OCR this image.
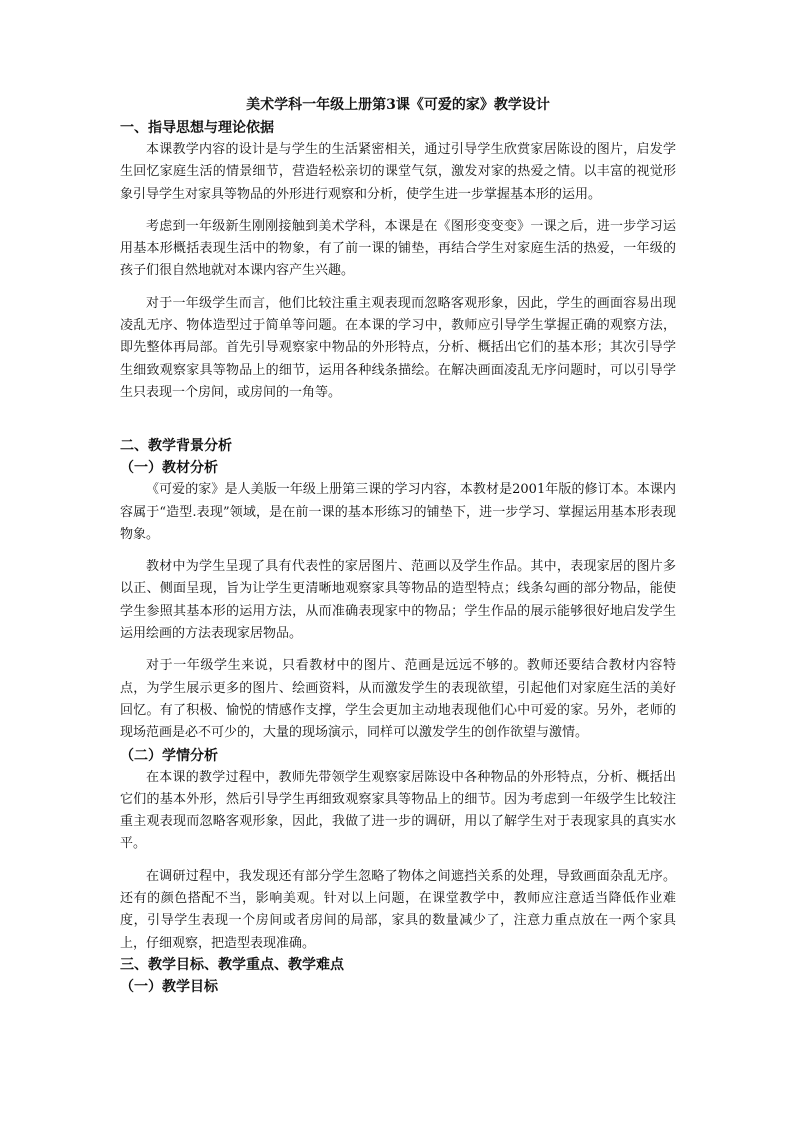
美术学科一年级上册第3课《可爱的家》教学设计
一、指导思想与理论依据

本课教学内容的设计是与学生的生活紧密相关，通过引导学生欣赏家居陈设的图片，启发学生回忆家庭生活的情景细节，营造轻松亲切的课堂气氛，激发对家的热爱之情。以丰富的视觉形象引导学生对家具等物品的外形进行观察和分析，使学生进一步掌握基本形的运用。

考虑到一年级新生刚刚接触到美术学科，本课是在《图形变变变》一课之后，进一步学习运用基本形概括表现生活中的物象，有了前一课的铺垫，再结合学生对家庭生活的热爱，一年级的孩子们很自然地就对本课内容产生兴趣。

对于一年级学生而言，他们比较注重主观表现而忽略客观形象，因此，学生的画面容易出现凌乱无序、物体造型过于简单等问题。在本课的学习中，教师应引导学生掌握正确的观察方法，即先整体再局部。首先引导观察家中物品的外形特点，分析、概括出它们的基本形；其次引导学生细致观察家具等物品上的细节，运用各种线条描绘。在解决画面凌乱无序问题时，可以引导学生只表现一个房间，或房间的一角等。

二、教学背景分析
（一）教材分析

《可爱的家》是人美版一年级上册第三课的学习内容，本教材是2001年版的修订本。本课内容属于“造型.表现”领域，是在前一课的基本形练习的铺垫下，进一步学习、掌握运用基本形表现物象。

教材中为学生呈现了具有代表性的家居图片、范画以及学生作品。其中，表现家居的图片多以正、侧面呈现，旨为让学生更清晰地观察家具等物品的造型特点；线条勾画的部分物品，能使学生参照其基本形的运用方法，从而准确表现家中的物品；学生作品的展示能够很好地启发学生运用绘画的方法表现家居物品。

对于一年级学生来说，只看教材中的图片、范画是远远不够的。教师还要结合教材内容特点，为学生展示更多的图片、绘画资料，从而激发学生的表现欲望，引起他们对家庭生活的美好回忆。有了积极、愉悦的情感作支撑，学生会更加主动地表现他们心中可爱的家。另外，老师的现场范画是必不可少的，大量的现场演示，同样可以激发学生的创作欲望与激情。

（二）学情分析

在本课的教学过程中，教师先带领学生观察家居陈设中各种物品的外形特点，分析、概括出它们的基本外形，然后引导学生再细致观察家具等物品上的细节。因为考虑到一年级学生比较注重主观表现而忽略客观形象，因此，我做了进一步的调研，用以了解学生对于表现家具的真实水平。

在调研过程中，我发现还有部分学生忽略了物体之间遮挡关系的处理，导致画面杂乱无序。还有的颜色搭配不当，影响美观。针对以上问题，在课堂教学中，教师应注意适当降低作业难度，引导学生表现一个房间或者房间的局部，家具的数量减少了，注意力重点放在一两个家具上，仔细观察，把造型表现准确。

三、教学目标、教学重点、教学难点
（一）教学目标
